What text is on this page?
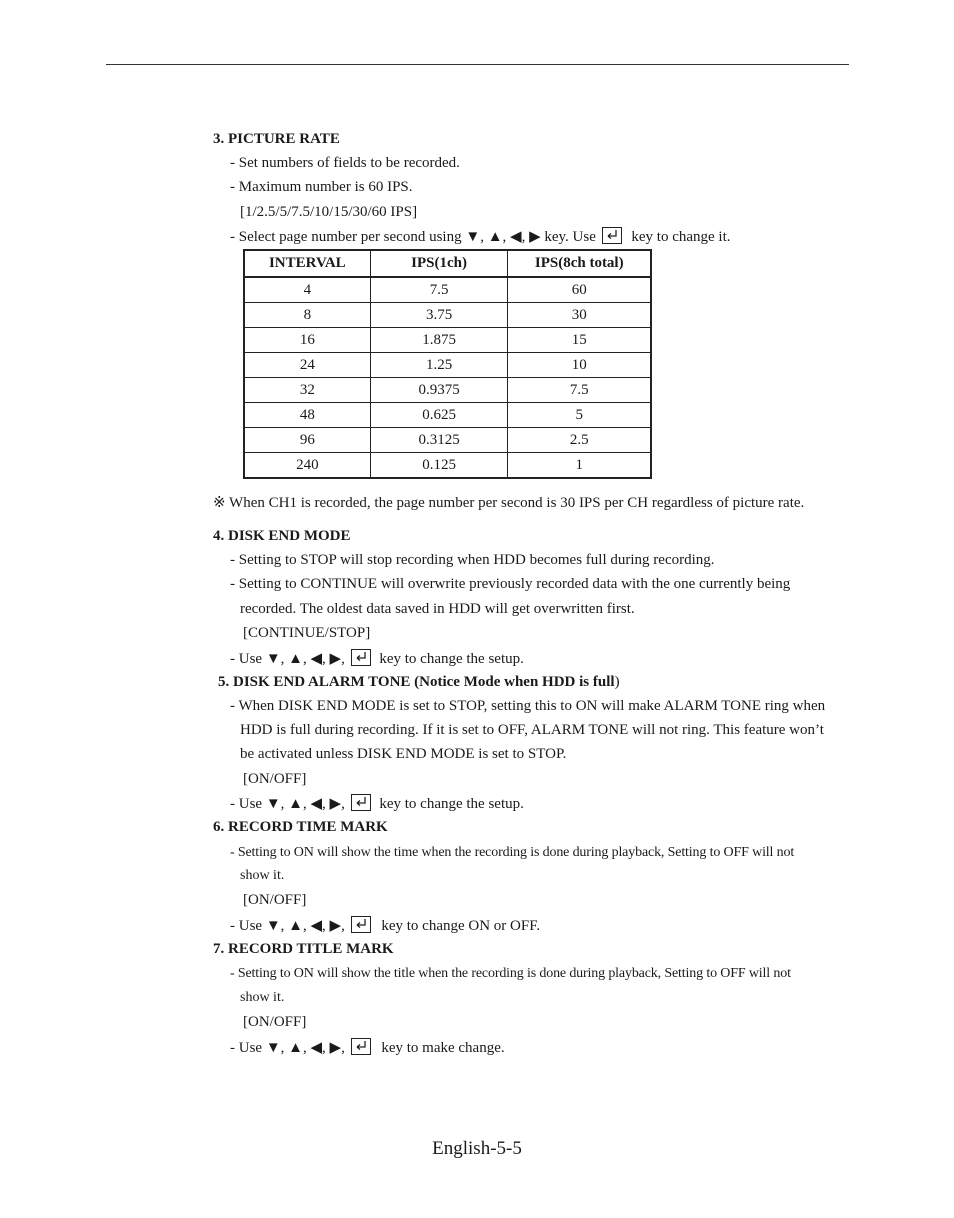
3. PICTURE RATE
- Set numbers of fields to be recorded.
- Maximum number is 60 IPS.
[1/2.5/5/7.5/10/15/30/60 IPS]
- Select page number per second using ▼, ▲, ◀, ▶ key. Use key to change it.
INTERVAL	IPS(1ch)	IPS(8ch total)
4	7.5	60
8	3.75	30
16	1.875	15
24	1.25	10
32	0.9375	7.5
48	0.625	5
96	0.3125	2.5
240	0.125	1
※ When CH1 is recorded, the page number per second is 30 IPS per CH regardless of picture rate.
4. DISK END MODE
- Setting to STOP will stop recording when HDD becomes full during recording.
- Setting to CONTINUE will overwrite previously recorded data with the one currently being
recorded. The oldest data saved in HDD will get overwritten first.
[CONTINUE/STOP]
- Use ▼, ▲, ◀, ▶, key to change the setup.
5. DISK END ALARM TONE (Notice Mode when HDD is full)
- When DISK END MODE is set to STOP, setting this to ON will make ALARM TONE ring when
HDD is full during recording. If it is set to OFF, ALARM TONE will not ring. This feature won’t
be activated unless DISK END MODE is set to STOP.
[ON/OFF]
- Use ▼, ▲, ◀, ▶, key to change the setup.
6. RECORD TIME MARK
- Setting to ON will show the time when the recording is done during playback, Setting to OFF will not
show it.
[ON/OFF]
- Use ▼, ▲, ◀, ▶, key to change ON or OFF.
7. RECORD TITLE MARK
- Setting to ON will show the title when the recording is done during playback, Setting to OFF will not
show it.
[ON/OFF]
- Use ▼, ▲, ◀, ▶, key to make change.
English-5-5
